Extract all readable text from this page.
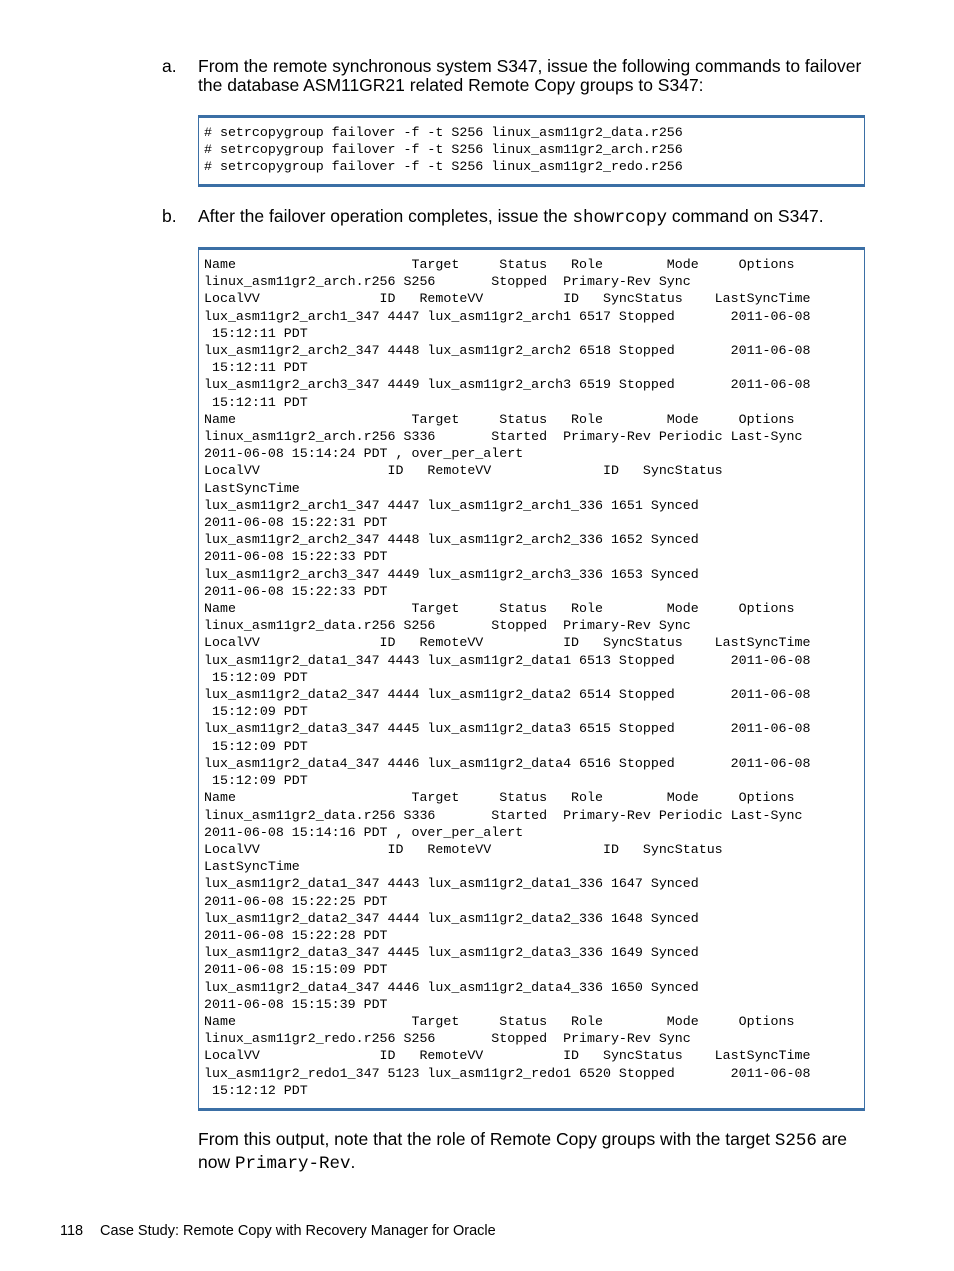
a. From the remote synchronous system S347, issue the following commands to failover the database ASM11GR21 related Remote Copy groups to S347:
# setrcopygroup failover -f -t S256 linux_asm11gr2_data.r256
# setrcopygroup failover -f -t S256 linux_asm11gr2_arch.r256
# setrcopygroup failover -f -t S256 linux_asm11gr2_redo.r256
b. After the failover operation completes, issue the showrcopy command on S347.
Name                      Target     Status   Role        Mode     Options
linux_asm11gr2_arch.r256 S256       Stopped  Primary-Rev Sync
LocalVV               ID   RemoteVV          ID   SyncStatus    LastSyncTime
lux_asm11gr2_arch1_347 4447 lux_asm11gr2_arch1 6517 Stopped       2011-06-08
15:12:11 PDT
lux_asm11gr2_arch2_347 4448 lux_asm11gr2_arch2 6518 Stopped       2011-06-08
15:12:11 PDT
lux_asm11gr2_arch3_347 4449 lux_asm11gr2_arch3 6519 Stopped       2011-06-08
15:12:11 PDT
Name                      Target     Status   Role        Mode     Options
linux_asm11gr2_arch.r256 S336       Started  Primary-Rev Periodic Last-Sync
2011-06-08 15:14:24 PDT , over_per_alert
LocalVV                ID   RemoteVV              ID   SyncStatus
LastSyncTime
lux_asm11gr2_arch1_347 4447 lux_asm11gr2_arch1_336 1651 Synced
2011-06-08 15:22:31 PDT
lux_asm11gr2_arch2_347 4448 lux_asm11gr2_arch2_336 1652 Synced
2011-06-08 15:22:33 PDT
lux_asm11gr2_arch3_347 4449 lux_asm11gr2_arch3_336 1653 Synced
2011-06-08 15:22:33 PDT
Name                      Target     Status   Role        Mode     Options
linux_asm11gr2_data.r256 S256       Stopped  Primary-Rev Sync
LocalVV               ID   RemoteVV          ID   SyncStatus    LastSyncTime
lux_asm11gr2_data1_347 4443 lux_asm11gr2_data1 6513 Stopped       2011-06-08
15:12:09 PDT
lux_asm11gr2_data2_347 4444 lux_asm11gr2_data2 6514 Stopped       2011-06-08
15:12:09 PDT
lux_asm11gr2_data3_347 4445 lux_asm11gr2_data3 6515 Stopped       2011-06-08
15:12:09 PDT
lux_asm11gr2_data4_347 4446 lux_asm11gr2_data4 6516 Stopped       2011-06-08
15:12:09 PDT
Name                      Target     Status   Role        Mode     Options
linux_asm11gr2_data.r256 S336       Started  Primary-Rev Periodic Last-Sync
2011-06-08 15:14:16 PDT , over_per_alert
LocalVV                ID   RemoteVV              ID   SyncStatus
LastSyncTime
lux_asm11gr2_data1_347 4443 lux_asm11gr2_data1_336 1647 Synced
2011-06-08 15:22:25 PDT
lux_asm11gr2_data2_347 4444 lux_asm11gr2_data2_336 1648 Synced
2011-06-08 15:22:28 PDT
lux_asm11gr2_data3_347 4445 lux_asm11gr2_data3_336 1649 Synced
2011-06-08 15:15:09 PDT
lux_asm11gr2_data4_347 4446 lux_asm11gr2_data4_336 1650 Synced
2011-06-08 15:15:39 PDT
Name                      Target     Status   Role        Mode     Options
linux_asm11gr2_redo.r256 S256       Stopped  Primary-Rev Sync
LocalVV               ID   RemoteVV          ID   SyncStatus    LastSyncTime
lux_asm11gr2_redo1_347 5123 lux_asm11gr2_redo1 6520 Stopped       2011-06-08
15:12:12 PDT
From this output, note that the role of Remote Copy groups with the target S256 are now Primary-Rev.
118 Case Study: Remote Copy with Recovery Manager for Oracle
